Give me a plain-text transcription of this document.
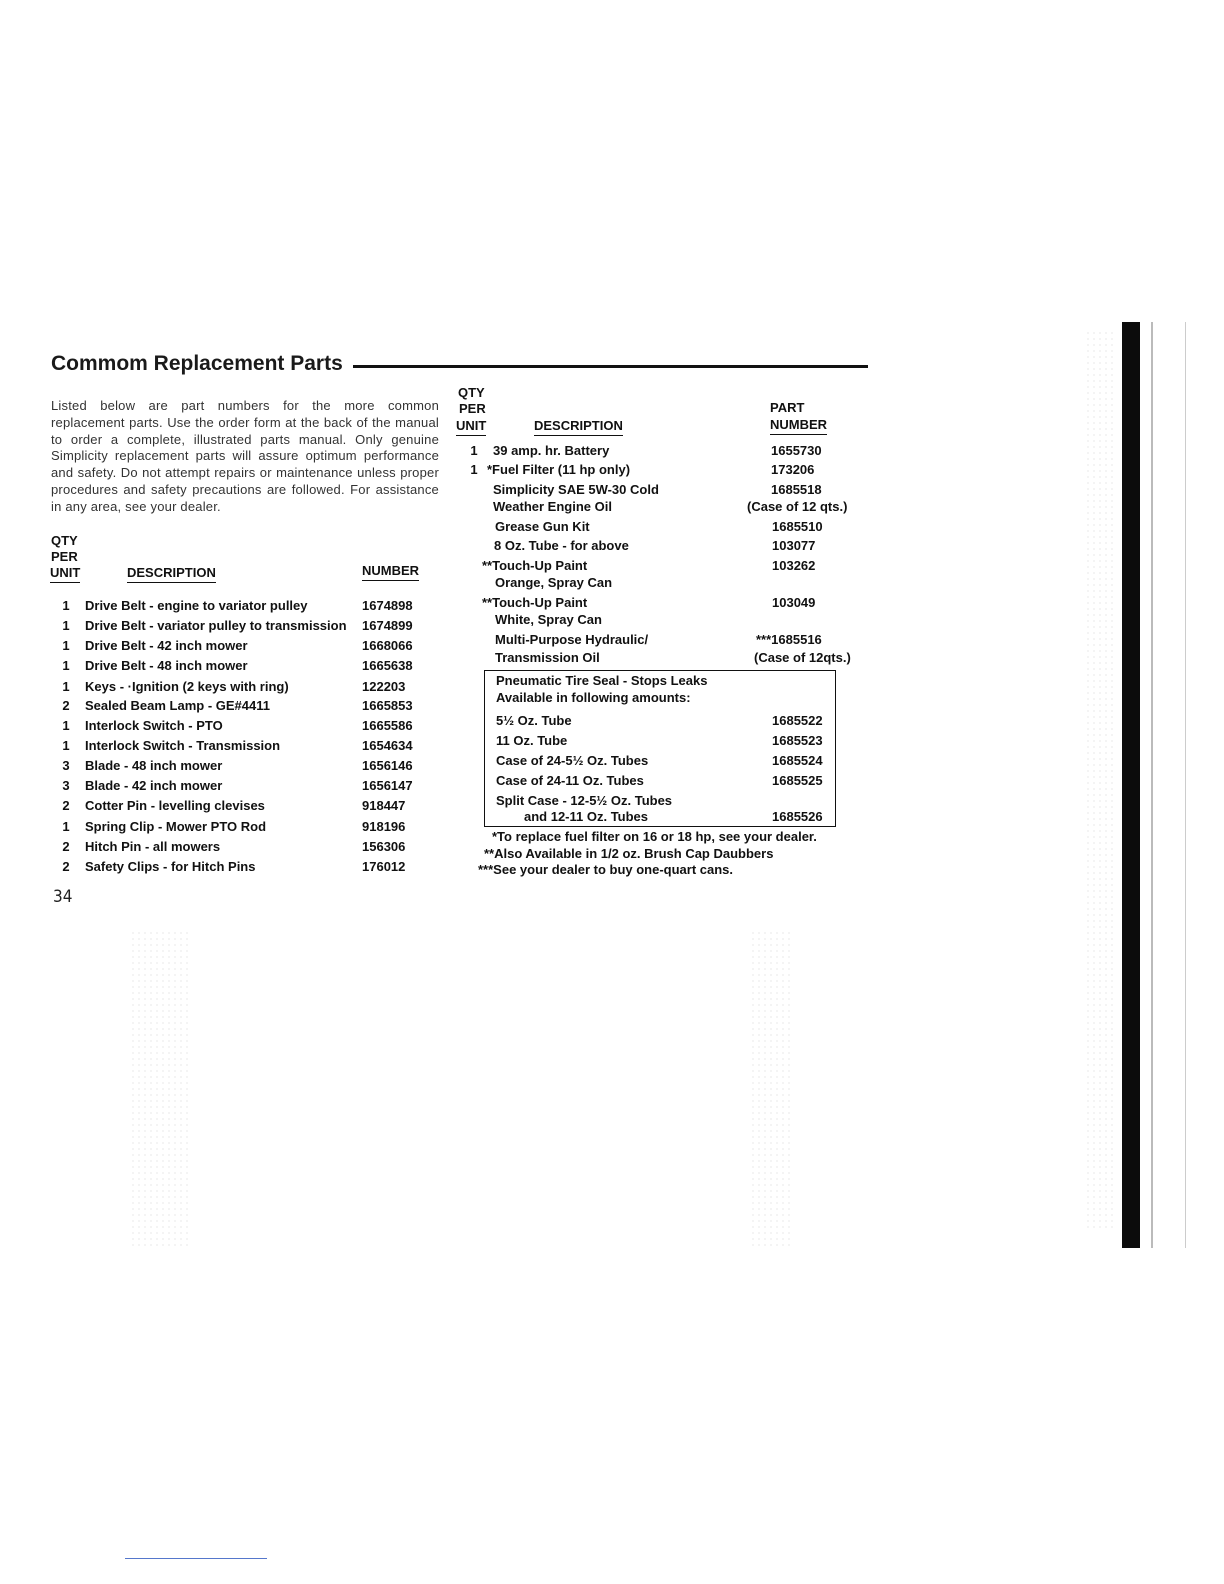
Commom Replacement Parts
Listed below are part numbers for the more common replacement parts. Use the order form at the back of the manual to order a complete, illustrated parts manual. Only genuine Simplicity replacement parts will assure optimum performance and safety. Do not attempt repairs or maintenance unless proper procedures and safety precautions are followed. For assistance in any area, see your dealer.
QTY
PER
UNIT	DESCRIPTION	NUMBER
1	Drive Belt - engine to variator pulley	1674898
1	Drive Belt - variator pulley to transmission 1674899
1	Drive Belt - 42 inch mower	1668066
1	Drive Belt - 48 inch mower	1665638
1	Keys - ·Ignition (2 keys with ring)	122203
2	Sealed Beam Lamp - GE#4411	1665853
1	Interlock Switch - PTO	1665586
1	Interlock Switch - Transmission	1654634
3	Blade - 48 inch mower	1656146
3	Blade - 42 inch mower	1656147
2	Cotter Pin - levelling clevises	918447
1	Spring Clip - Mower PTO Rod	918196
2	Hitch Pin - all mowers	156306
2	Safety Clips - for Hitch Pins	176012
QTY
PER
UNIT	DESCRIPTION
PART
NUMBER
1	39 amp. hr. Battery	1655730
1 *Fuel Filter (11 hp only)	173206
Simplicity SAE 5W-30 Cold	1685518
Weather Engine Oil	(Case of 12 qts.)
Grease Gun Kit	1685510
8 Oz. Tube - for above	103077
**Touch-Up Paint	103262
Orange, Spray Can
**Touch-Up Paint	103049
White, Spray Can
Multi-Purpose Hydraulic/	***1685516
Transmission Oil	(Case of 12qts.)
Pneumatic Tire Seal - Stops Leaks
Available in following amounts:
5½ Oz. Tube	1685522
11 Oz. Tube	1685523
Case of 24-5½ Oz. Tubes	1685524
Case of 24-11 Oz. Tubes	1685525
Split Case - 12-5½ Oz. Tubes
and 12-11 Oz. Tubes	1685526
*To replace fuel filter on 16 or 18 hp, see your dealer.
**Also Available in 1/2 oz. Brush Cap Daubbers
***See your dealer to buy one-quart cans.
34
